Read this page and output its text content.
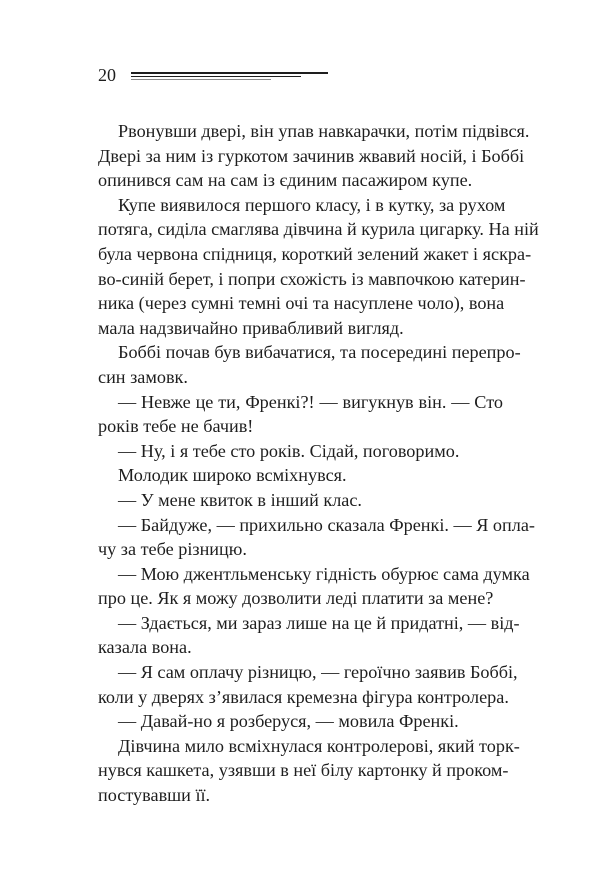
20
Рвонувши двері, він упав навкарачки, потім підвівся.
Двері за ним із гуркотом зачинив жвавий носій, і Боббі
опинився сам на сам із єдиним пасажиром купе.
Купе виявилося першого класу, і в кутку, за рухом
потяга, сиділа смаглява дівчина й курила цигарку. На ній
була червона спідниця, короткий зелений жакет і яскра-
во-синій берет, і попри схожість із мавпочкою катерин-
ника (через сумні темні очі та насуплене чоло), вона
мала надзвичайно привабливий вигляд.
Боббі почав був вибачатися, та посередині перепро-
син замовк.
— Невже це ти, Френкі?! — вигукнув він. — Сто
років тебе не бачив!
— Ну, і я тебе сто років. Сідай, поговоримо.
Молодик широко всміхнувся.
— У мене квиток в інший клас.
— Байдуже, — прихильно сказала Френкі. — Я опла-
чу за тебе різницю.
— Мою джентльменську гідність обурює сама думка
про це. Як я можу дозволити леді платити за мене?
— Здається, ми зараз лише на це й придатні, — від-
казала вона.
— Я сам оплачу різницю, — героїчно заявив Боббі,
коли у дверях з’явилася кремезна фігура контролера.
— Давай-но я розберуся, — мовила Френкі.
Дівчина мило всміхнулася контролерові, який торк-
нувся кашкета, узявши в неї білу картонку й проком-
постувавши її.
